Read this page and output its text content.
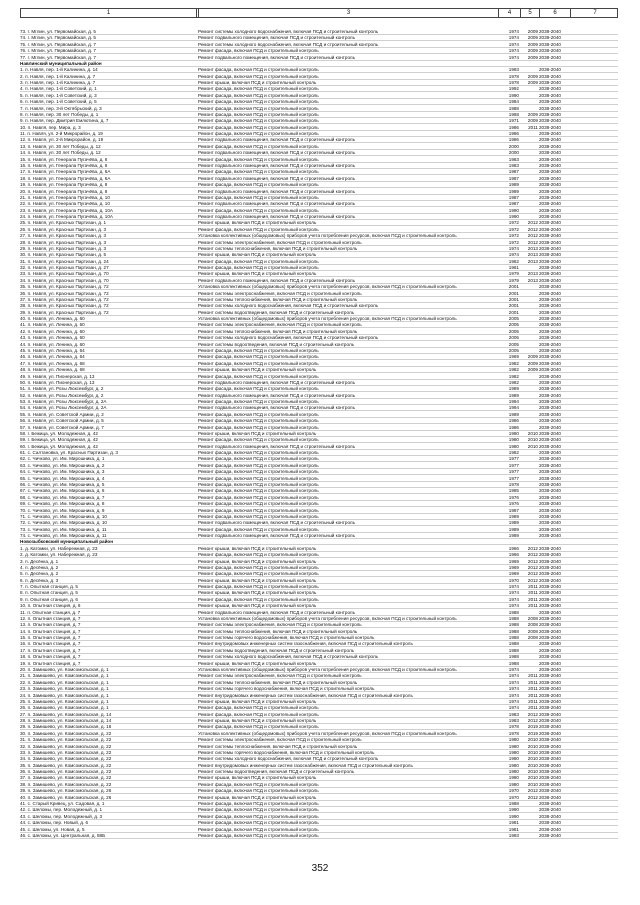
1	3	4	5	6	7
73. г. Мглин, ул. Первомайская, д. 5	Ремонт системы холодного водоснабжения, включая ПСД и строительный контроль	1974	2009 2038-2040
74. г. Мглин, ул. Первомайская, д. 5	Ремонт подвального помещения, включая ПСД и строительный контроль	1974	2009 2038-2040
75. г. Мглин, ул. Первомайская, д. 7	Ремонт системы холодного водоснабжения, включая ПСД и строительный контроль	1974	2009 2038-2040
76. г. Мглин, ул. Первомайская, д. 7	Ремонт фасада, включая ПСД и строительный контроль	1974	2009 2038-2040
77. г. Мглин, ул. Первомайская, д. 7	Ремонт подвального помещения, включая ПСД и строительный контроль	1974	2009 2038-2040
Навлинский муниципальный район
1. п. Навля, пер. 1-й Калинина, д. 14	Ремонт фасада, включая ПСД и строительный контроль	1993	2038-2040
2. п. Навля, пер. 1-й Калинина, д. 7	Ремонт фасада, включая ПСД и строительный контроль	1978	2009 2038-2040
3. п. Навля, пер. 1-й Калинина, д. 7	Ремонт крыши, включая ПСД и строительный контроль	1978	2009 2038-2040
4. п. Навля, пер. 1-й Советский, д. 1	Ремонт фасада, включая ПСД и строительный контроль	1992	2038-2040
5. п. Навля, пер. 1-й Советский, д. 3	Ремонт фасада, включая ПСД и строительный контроль	1990	2038-2040
6. п. Навля, пер. 1-й Советский, д. 5	Ремонт фасада, включая ПСД и строительный контроль	1984	2038-2040
7. п. Навля, пер. 3-й Октябрьский, д. 3	Ремонт фасада, включая ПСД и строительный контроль	1988	2038-2040
8. п. Навля, пер. 30 лет Победы, д. 1	Ремонт фасада, включая ПСД и строительный контроль	1968	2009 2038-2040
9. п. Навля, пер. Дмитрия Емлютина, д. 7	Ремонт фасада, включая ПСД и строительный контроль	1971	2009 2038-2040
10. п. Навля, пер. Мира, д. 3	Ремонт фасада, включая ПСД и строительный контроль	1986	2011 2038-2040
11. п. Навля, ул. 2-й Микрорайон, д. 19	Ремонт фасада, включая ПСД и строительный контроль	1986	2038-2040
12. п. Навля, ул. 2-й Микрорайон, д. 19	Ремонт подвального помещения, включая ПСД и строительный контроль	1986	2038-2040
13. п. Навля, ул. 30 лет Победы, д. 12	Ремонт фасада, включая ПСД и строительный контроль	2000	2038-2040
14. п. Навля, ул. 30 лет Победы, д. 12	Ремонт подвального помещения, включая ПСД и строительный контроль	2000	2038-2040
15. п. Навля, ул. Генерала Пугачёва, д. 6	Ремонт фасада, включая ПСД и строительный контроль	1983	2038-2040
16. п. Навля, ул. Генерала Пугачёва, д. 6	Ремонт подвального помещения, включая ПСД и строительный контроль	1983	2038-2040
17. п. Навля, ул. Генерала Пугачёва, д. 6А	Ремонт фасада, включая ПСД и строительный контроль	1987	2038-2040
18. п. Навля, ул. Генерала Пугачёва, д. 6А	Ремонт подвального помещения, включая ПСД и строительный контроль	1987	2038-2040
19. п. Навля, ул. Генерала Пугачёва, д. 8	Ремонт фасада, включая ПСД и строительный контроль	1989	2038-2040
20. п. Навля, ул. Генерала Пугачёва, д. 8	Ремонт подвального помещения, включая ПСД и строительный контроль	1989	2038-2040
21. п. Навля, ул. Генерала Пугачёва, д. 10	Ремонт фасада, включая ПСД и строительный контроль	1987	2038-2040
22. п. Навля, ул. Генерала Пугачёва, д. 10	Ремонт подвального помещения, включая ПСД и строительный контроль	1987	2038-2040
23. п. Навля, ул. Генерала Пугачёва, д. 10А	Ремонт фасада, включая ПСД и строительный контроль	1990	2038-2040
24. п. Навля, ул. Генерала Пугачёва, д. 10А	Ремонт подвального помещения, включая ПСД и строительный контроль	1990	2038-2040
25. п. Навля, ул. Красных Партизан, д. 1	Ремонт крыши, включая ПСД и строительный контроль	1972	2012 2038-2040
26. п. Навля, ул. Красных Партизан, д. 3	Ремонт фасада, включая ПСД и строительный контроль	1972	2012 2038-2040
27. п. Навля, ул. Красных Партизан, д. 3	Установка коллективных (общедомовых) приборов учета потребления ресурсов, включая ПСД и строительный контроль	1972	2012 2038-2040
28. п. Навля, ул. Красных Партизан, д. 3	Ремонт системы электроснабжения, включая ПСД и строительный контроль	1972	2012 2038-2040
29. п. Навля, ул. Красных Партизан, д. 3	Ремонт системы теплоснабжения, включая ПСД и строительный контроль	1974	2013 2038-2040
30. п. Навля, ул. Красных Партизан, д. 5	Ремонт крыши, включая ПСД и строительный контроль	1974	2013 2038-2040
31. п. Навля, ул. Красных Партизан, д. 24	Ремонт фасада, включая ПСД и строительный контроль	1962	2013 2038-2040
32. п. Навля, ул. Красных Партизан, д. 27	Ремонт фасада, включая ПСД и строительный контроль	1961	2038-2040
33. п. Навля, ул. Красных Партизан, д. 70	Ремонт крыши, включая ПСД и строительный контроль	1979	2013 2038-2040
34. п. Навля, ул. Красных Партизан, д. 70	Ремонт подвального помещения, включая ПСД и строительный контроль	1979	2013 2038-2040
35. п. Навля, ул. Красных Партизан, д. 72	Установка коллективных (общедомовых) приборов учета потребления ресурсов, включая ПСД и строительный контроль	2001	2038-2040
36. п. Навля, ул. Красных Партизан, д. 72	Ремонт системы электроснабжения, включая ПСД и строительный контроль	2001	2038-2040
37. п. Навля, ул. Красных Партизан, д. 72	Ремонт системы теплоснабжения, включая ПСД и строительный контроль	2001	2038-2040
38. п. Навля, ул. Красных Партизан, д. 72	Ремонт системы холодного водоснабжения, включая ПСД и строительный контроль	2001	2038-2040
39. п. Навля, ул. Красных Партизан, д. 72	Ремонт системы водоотведения, включая ПСД и строительный контроль	2001	2038-2040
40. п. Навля, ул. Ленина, д. 60	Установка коллективных (общедомовых) приборов учета потребления ресурсов, включая ПСД и строительный контроль	2005	2038-2040
41. п. Навля, ул. Ленина, д. 60	Ремонт системы электроснабжения, включая ПСД и строительный контроль	2005	2038-2040
42. п. Навля, ул. Ленина, д. 60	Ремонт системы теплоснабжения, включая ПСД и строительный контроль	2005	2038-2040
43. п. Навля, ул. Ленина, д. 60	Ремонт системы холодного водоснабжения, включая ПСД и строительный контроль	2005	2038-2040
44. п. Навля, ул. Ленина, д. 60	Ремонт системы водоотведения, включая ПСД и строительный контроль	2005	2038-2040
45. п. Навля, ул. Ленина, д. 64	Ремонт фасада, включая ПСД и строительный контроль	2005	2038-2040
46. п. Навля, ул. Ленина, д. 64	Ремонт фасада, включая ПСД и строительный контроль	1969	2009 2038-2040
47. п. Навля, ул. Ленина, д. 68	Ремонт фасада, включая ПСД и строительный контроль	1982	2009 2038-2040
48. п. Навля, ул. Ленина, д. 68	Ремонт крыши, включая ПСД и строительный контроль	1982	2009 2038-2040
49. п. Навля, ул. Пионерская, д. 13	Ремонт фасада, включая ПСД и строительный контроль	1982	2038-2040
50. п. Навля, ул. Пионерская, д. 13	Ремонт подвального помещения, включая ПСД и строительный контроль	1982	2038-2040
51. п. Навля, ул. Розы Люксембург, д. 2	Ремонт фасада, включая ПСД и строительный контроль	1989	2038-2040
52. п. Навля, ул. Розы Люксембург, д. 2	Ремонт подвального помещения, включая ПСД и строительный контроль	1989	2038-2040
53. п. Навля, ул. Розы Люксембург, д. 2А	Ремонт фасада, включая ПСД и строительный контроль	1994	2038-2040
54. п. Навля, ул. Розы Люксембург, д. 2А	Ремонт подвального помещения, включая ПСД и строительный контроль	1994	2038-2040
55. п. Навля, ул. Советской Армии, д. 2	Ремонт фасада, включая ПСД и строительный контроль	1989	2038-2040
56. п. Навля, ул. Советской Армии, д. 5	Ремонт фасада, включая ПСД и строительный контроль	1986	2038-2040
57. п. Навля, ул. Советской Армии, д. 7	Ремонт фасада, включая ПСД и строительный контроль	1986	2038-2040
58. г. Бежица, ул. Молодежная, д. 42	Ремонт крыши, включая ПСД и строительный контроль	1980	2010 2038-2040
59. г. Бежица, ул. Молодежная, д. 42	Ремонт фасада, включая ПСД и строительный контроль	1980	2010 2038-2040
60. г. Бежица, ул. Молодежная, д. 42	Ремонт подвального помещения, включая ПСД и строительный контроль	1980	2010 2038-2040
61. с. Салтановка, ул. Красных Партизан, д. 3	Ремонт фасада, включая ПСД и строительный контроль	1982	2038-2040
62. с. Чичково, ул. Им. Мирошника, д. 1	Ремонт фасада, включая ПСД и строительный контроль	1977	2038-2040
63. с. Чичково, ул. Им. Мирошника, д. 2	Ремонт фасада, включая ПСД и строительный контроль	1977	2038-2040
64. с. Чичково, ул. Им. Мирошника, д. 3	Ремонт фасада, включая ПСД и строительный контроль	1977	2038-2040
65. с. Чичково, ул. Им. Мирошника, д. 4	Ремонт фасада, включая ПСД и строительный контроль	1977	2038-2040
66. с. Чичково, ул. Им. Мирошника, д. 5	Ремонт фасада, включая ПСД и строительный контроль	1978	2038-2040
67. с. Чичково, ул. Им. Мирошника, д. 6	Ремонт фасада, включая ПСД и строительный контроль	1985	2038-2040
68. с. Чичково, ул. Им. Мирошника, д. 7	Ремонт фасада, включая ПСД и строительный контроль	1976	2038-2040
69. с. Чичково, ул. Им. Мирошника, д. 8	Ремонт фасада, включая ПСД и строительный контроль	1976	2038-2040
70. с. Чичково, ул. Им. Мирошника, д. 9	Ремонт фасада, включая ПСД и строительный контроль	1987	2038-2040
71. с. Чичково, ул. Им. Мирошника, д. 10	Ремонт фасада, включая ПСД и строительный контроль	1989	2038-2040
72. с. Чичково, ул. Им. Мирошника, д. 10	Ремонт подвального помещения, включая ПСД и строительный контроль	1989	2038-2040
73. с. Чичково, ул. Им. Мирошника, д. 11	Ремонт фасада, включая ПСД и строительный контроль	1989	2038-2040
74. с. Чичково, ул. Им. Мирошника, д. 11	Ремонт подвального помещения, включая ПСД и строительный контроль	1989	2038-2040
Новозыбковский муниципальный район
1. д. Катомки, ул. Набережная, д. 23	Ремонт крыши, включая ПСД и строительный контроль	1966	2012 2038-2040
2. д. Катомки, ул. Набережная, д. 23	Ремонт фасада, включая ПСД и строительный контроль	1966	2012 2038-2040
3. п. Десёнка, д. 1	Ремонт крыши, включая ПСД и строительный контроль	1969	2012 2038-2040
4. п. Десёнка, д. 2	Ремонт фасада, включая ПСД и строительный контроль	1969	2012 2038-2040
5. п. Десёнка, д. 2	Ремонт фасада, включая ПСД и строительный контроль	1969	2012 2038-2040
6. п. Десёнка, д. 3	Ремонт крыши, включая ПСД и строительный контроль	1970	2012 2038-2040
7. п. Опытная станция, д. 5	Ремонт фасада, включая ПСД и строительный контроль	1974	2011 2038-2040
8. п. Опытная станция, д. 5	Ремонт крыши, включая ПСД и строительный контроль	1974	2011 2038-2040
9. п. Опытная станция, д. 6	Ремонт фасада, включая ПСД и строительный контроль	1974	2011 2038-2040
10. п. Опытная станция, д. 6	Ремонт крыши, включая ПСД и строительный контроль	1974	2011 2038-2040
11. п. Опытная станция, д. 7	Ремонт подвального помещения, включая ПСД и строительный контроль	1988	2038-2040
12. п. Опытная станция, д. 7	Установка коллективных (общедомовых) приборов учета потребления ресурсов, включая ПСД и строительный контроль	1988	2008 2038-2040
13. п. Опытная станция, д. 7	Ремонт системы электроснабжения, включая ПСД и строительный контроль	1988	2008 2038-2040
14. п. Опытная станция, д. 7	Ремонт системы теплоснабжения, включая ПСД и строительный контроль	1988	2008 2038-2040
15. п. Опытная станция, д. 7	Ремонт системы горячего водоснабжения, включая ПСД и строительный контроль	1988	2008 2038-2040
16. п. Опытная станция, д. 7	Ремонт внутридомовых инженерных систем газоснабжения, включая ПСД и строительный контроль	1988	2038-2040
17. п. Опытная станция, д. 7	Ремонт системы водоотведения, включая ПСД и строительный контроль	1988	2038-2040
18. п. Опытная станция, д. 7	Ремонт системы холодного водоснабжения, включая ПСД и строительный контроль	1988	2038-2040
19. п. Опытная станция, д. 7	Ремонт крыши, включая ПСД и строительный контроль	1988	2038-2040
20. п. Замишево, ул. Комсомольская, д. 1	Установка коллективных (общедомовых) приборов учета потребления ресурсов, включая ПСД и строительный контроль	1974	2038-2040
21. п. Замишево, ул. Комсомольская, д. 1	Ремонт системы электроснабжения, включая ПСД и строительный контроль	1974	2011 2038-2040
22. п. Замишево, ул. Комсомольская, д. 1	Ремонт системы теплоснабжения, включая ПСД и строительный контроль	1974	2011 2038-2040
23. п. Замишево, ул. Комсомольская, д. 1	Ремонт системы горячего водоснабжения, включая ПСД и строительный контроль	1974	2011 2038-2040
24. п. Замишево, ул. Комсомольская, д. 1	Ремонт внутридомовых инженерных систем газоснабжения, включая ПСД и строительный контроль	1974	2011 2038-2040
25. п. Замишево, ул. Комсомольская, д. 1	Ремонт крыши, включая ПСД и строительный контроль	1974	2011 2038-2040
26. п. Замишево, ул. Комсомольская, д. 1	Ремонт фасада, включая ПСД и строительный контроль	1974	2011 2038-2040
27. п. Замишево, ул. Комсомольская, д. 14	Ремонт фасада, включая ПСД и строительный контроль	1983	2012 2038-2040
28. п. Замишево, ул. Комсомольская, д. 14	Ремонт крыши, включая ПСД и строительный контроль	1983	2012 2038-2040
29. п. Замишево, ул. Комсомольская, д. 16	Ремонт фасада, включая ПСД и строительный контроль	1978	2019 2038-2040
30. п. Замишево, ул. Комсомольская, д. 22	Установка коллективных (общедомовых) приборов учета потребления ресурсов, включая ПСД и строительный контроль	1978	2019 2038-2040
31. п. Замишево, ул. Комсомольская, д. 22	Ремонт системы электроснабжения, включая ПСД и строительный контроль	1980	2010 2038-2040
32. п. Замишево, ул. Комсомольская, д. 22	Ремонт системы теплоснабжения, включая ПСД и строительный контроль	1980	2010 2038-2040
33. п. Замишево, ул. Комсомольская, д. 22	Ремонт системы горячего водоснабжения, включая ПСД и строительный контроль	1980	2010 2038-2040
34. п. Замишево, ул. Комсомольская, д. 22	Ремонт системы холодного водоснабжения, включая ПСД и строительный контроль	1980	2010 2038-2040
35. п. Замишево, ул. Комсомольская, д. 22	Ремонт внутридомовых инженерных систем газоснабжения, включая ПСД и строительный контроль	1980	2010 2038-2040
36. п. Замишево, ул. Комсомольская, д. 22	Ремонт системы водоотведения, включая ПСД и строительный контроль	1980	2010 2038-2040
37. п. Замишево, ул. Комсомольская, д. 22	Ремонт крыши, включая ПСД и строительный контроль	1980	2010 2038-2040
38. п. Замишево, ул. Комсомольская, д. 22	Ремонт фасада, включая ПСД и строительный контроль	1980	2010 2038-2040
39. п. Замишево, ул. Комсомольская, д. 26	Ремонт фасада, включая ПСД и строительный контроль	1970	2012 2038-2040
40. п. Замишево, ул. Комсомольская, д. 26	Ремонт крыши, включая ПСД и строительный контроль	1970	2012 2038-2040
41. с. Старый Кривец, ул. Садовая, д. 1	Ремонт фасада, включая ПСД и строительный контроль	1988	2038-2040
42. с. Шеломы, пер. Молодежный, д. 1	Ремонт фасада, включая ПСД и строительный контроль	1990	2038-2040
43. с. Шеломы, пер. Молодежный, д. 3	Ремонт фасада, включая ПСД и строительный контроль	1990	2038-2040
44. с. Шеломы, пер. Новый, д. 6	Ремонт фасада, включая ПСД и строительный контроль	1981	2038-2040
45. с. Шеломы, ул. Новая, д. 5	Ремонт фасада, включая ПСД и строительный контроль	1981	2038-2040
46. с. Шеломы, ул. Центральная, д. 88Б	Ремонт фасада, включая ПСД и строительный контроль	1993	2038-2040
352
